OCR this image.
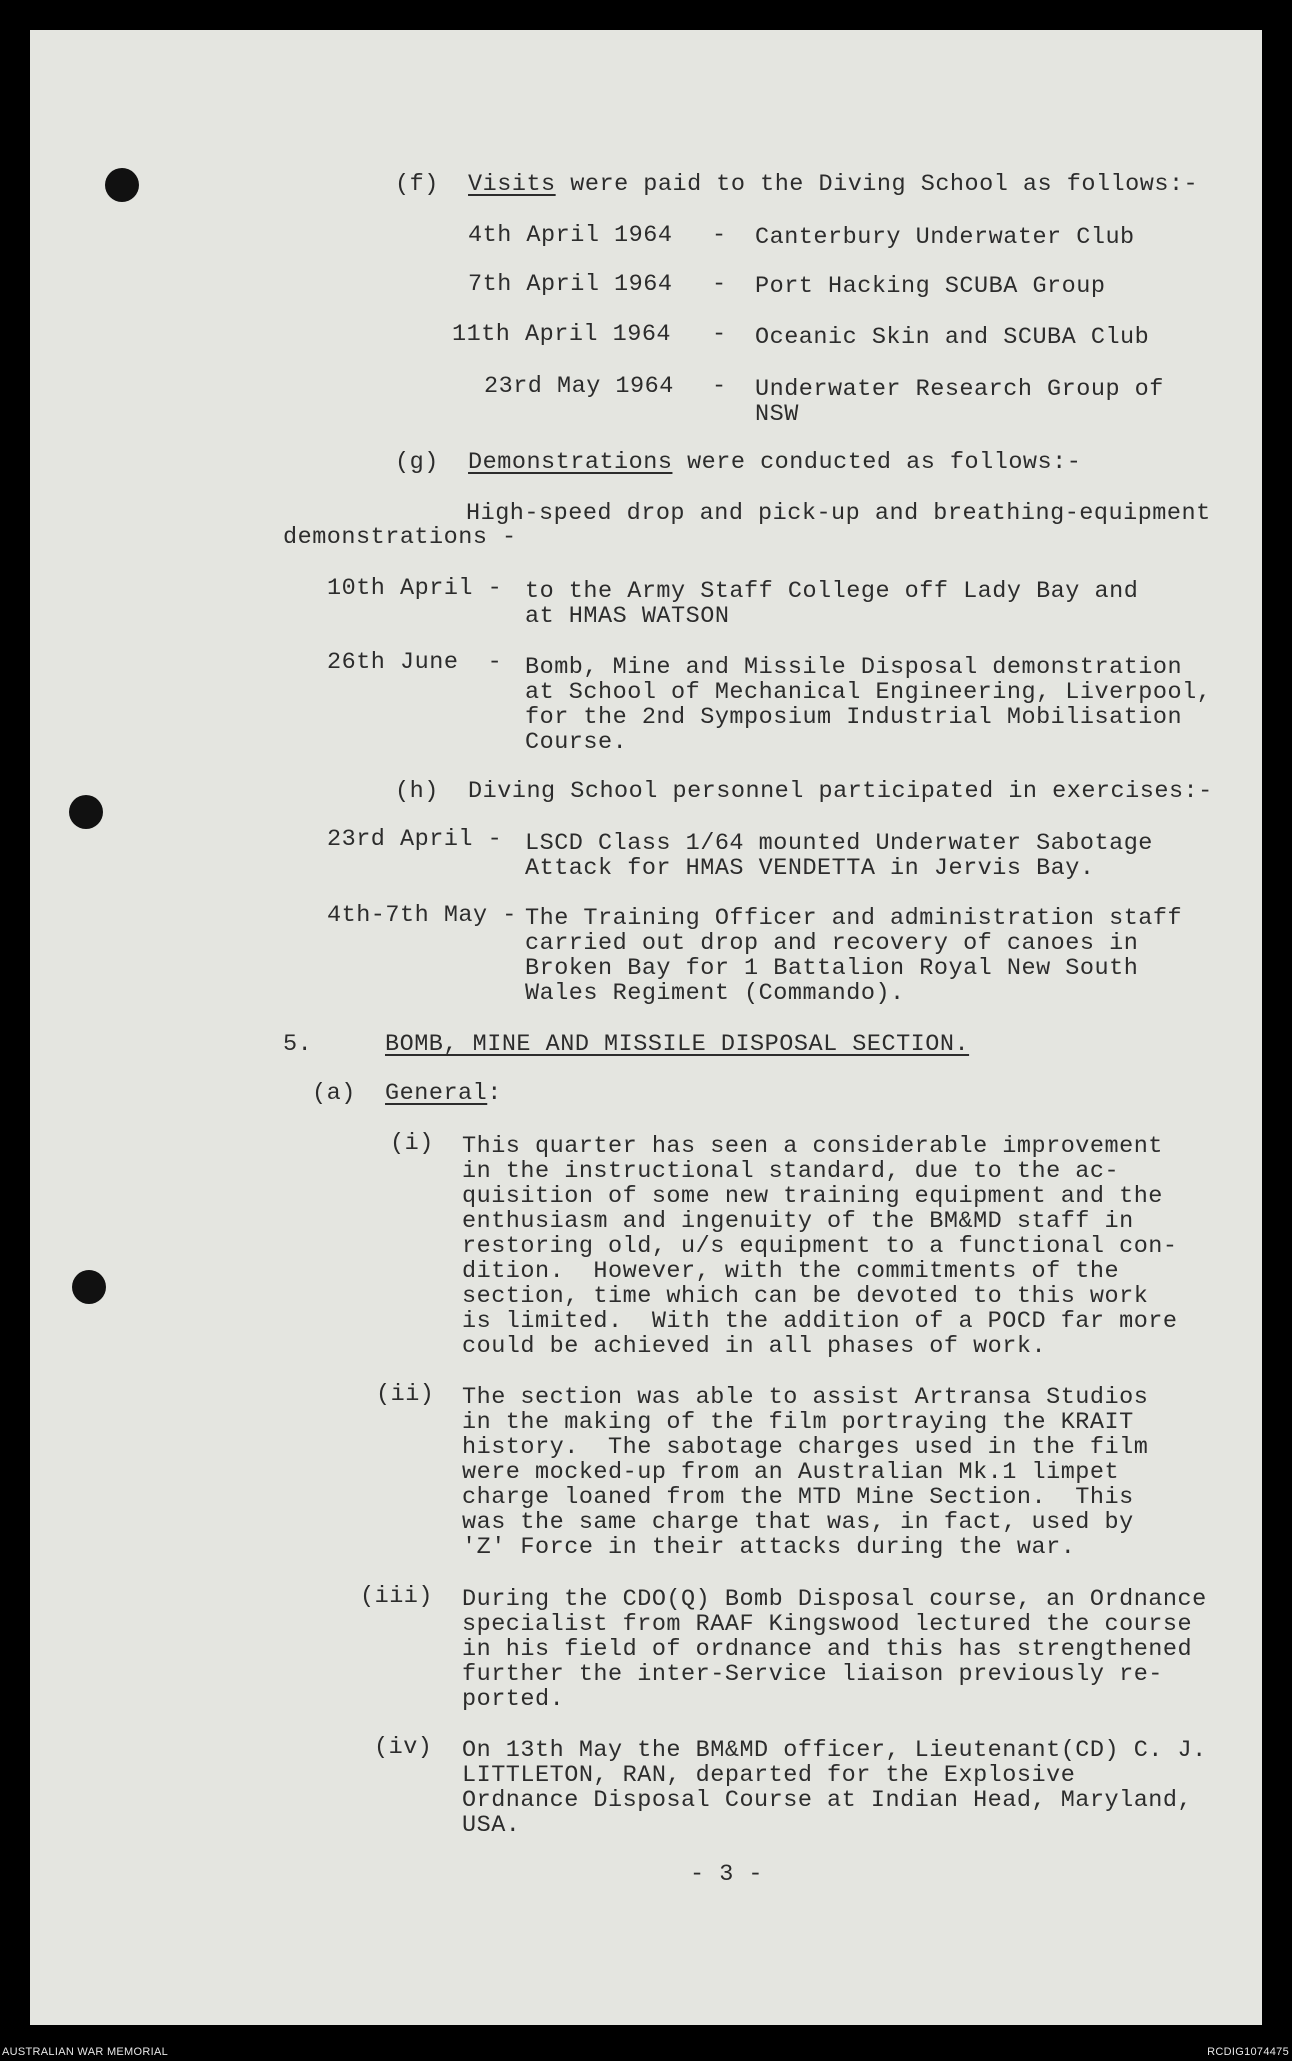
(f) Visits were paid to the Diving School as follows:-

4th April 1964 - Canterbury Underwater Club

7th April 1964 - Port Hacking SCUBA Group

11th April 1964 - Oceanic Skin and SCUBA Club

23rd May 1964 - Underwater Research Group of
NSW

(g) Demonstrations were conducted as follows:-

High-speed drop and pick-up and breathing-equipment

demonstrations -

10th April - to the Army Staff College off Lady Bay and
at HMAS WATSON

26th June  - Bomb, Mine and Missile Disposal demonstration
at School of Mechanical Engineering, Liverpool,
for the 2nd Symposium Industrial Mobilisation
Course.

(h) Diving School personnel participated in exercises:-

23rd April - LSCD Class 1/64 mounted Underwater Sabotage
Attack for HMAS VENDETTA in Jervis Bay.

4th-7th May - The Training Officer and administration staff
carried out drop and recovery of canoes in
Broken Bay for 1 Battalion Royal New South
Wales Regiment (Commando).

5.	BOMB, MINE AND MISSILE DISPOSAL SECTION.

(a) General:

(i) This quarter has seen a considerable improvement
in the instructional standard, due to the ac-
quisition of some new training equipment and the
enthusiasm and ingenuity of the BM&MD staff in
restoring old, u/s equipment to a functional con-
dition.  However, with the commitments of the
section, time which can be devoted to this work
is limited.  With the addition of a POCD far more
could be achieved in all phases of work.

(ii) The section was able to assist Artransa Studios
in the making of the film portraying the KRAIT
history.  The sabotage charges used in the film
were mocked-up from an Australian Mk.1 limpet
charge loaned from the MTD Mine Section.  This
was the same charge that was, in fact, used by
'Z' Force in their attacks during the war.

(iii) During the CDO(Q) Bomb Disposal course, an Ordnance
specialist from RAAF Kingswood lectured the course
in his field of ordnance and this has strengthened
further the inter-Service liaison previously re-
ported.

(iv) On 13th May the BM&MD officer, Lieutenant(CD) C. J.
LITTLETON, RAN, departed for the Explosive
Ordnance Disposal Course at Indian Head, Maryland,
USA.

- 3 -

AUSTRALIAN WAR MEMORIAL	RCDIG1074475
